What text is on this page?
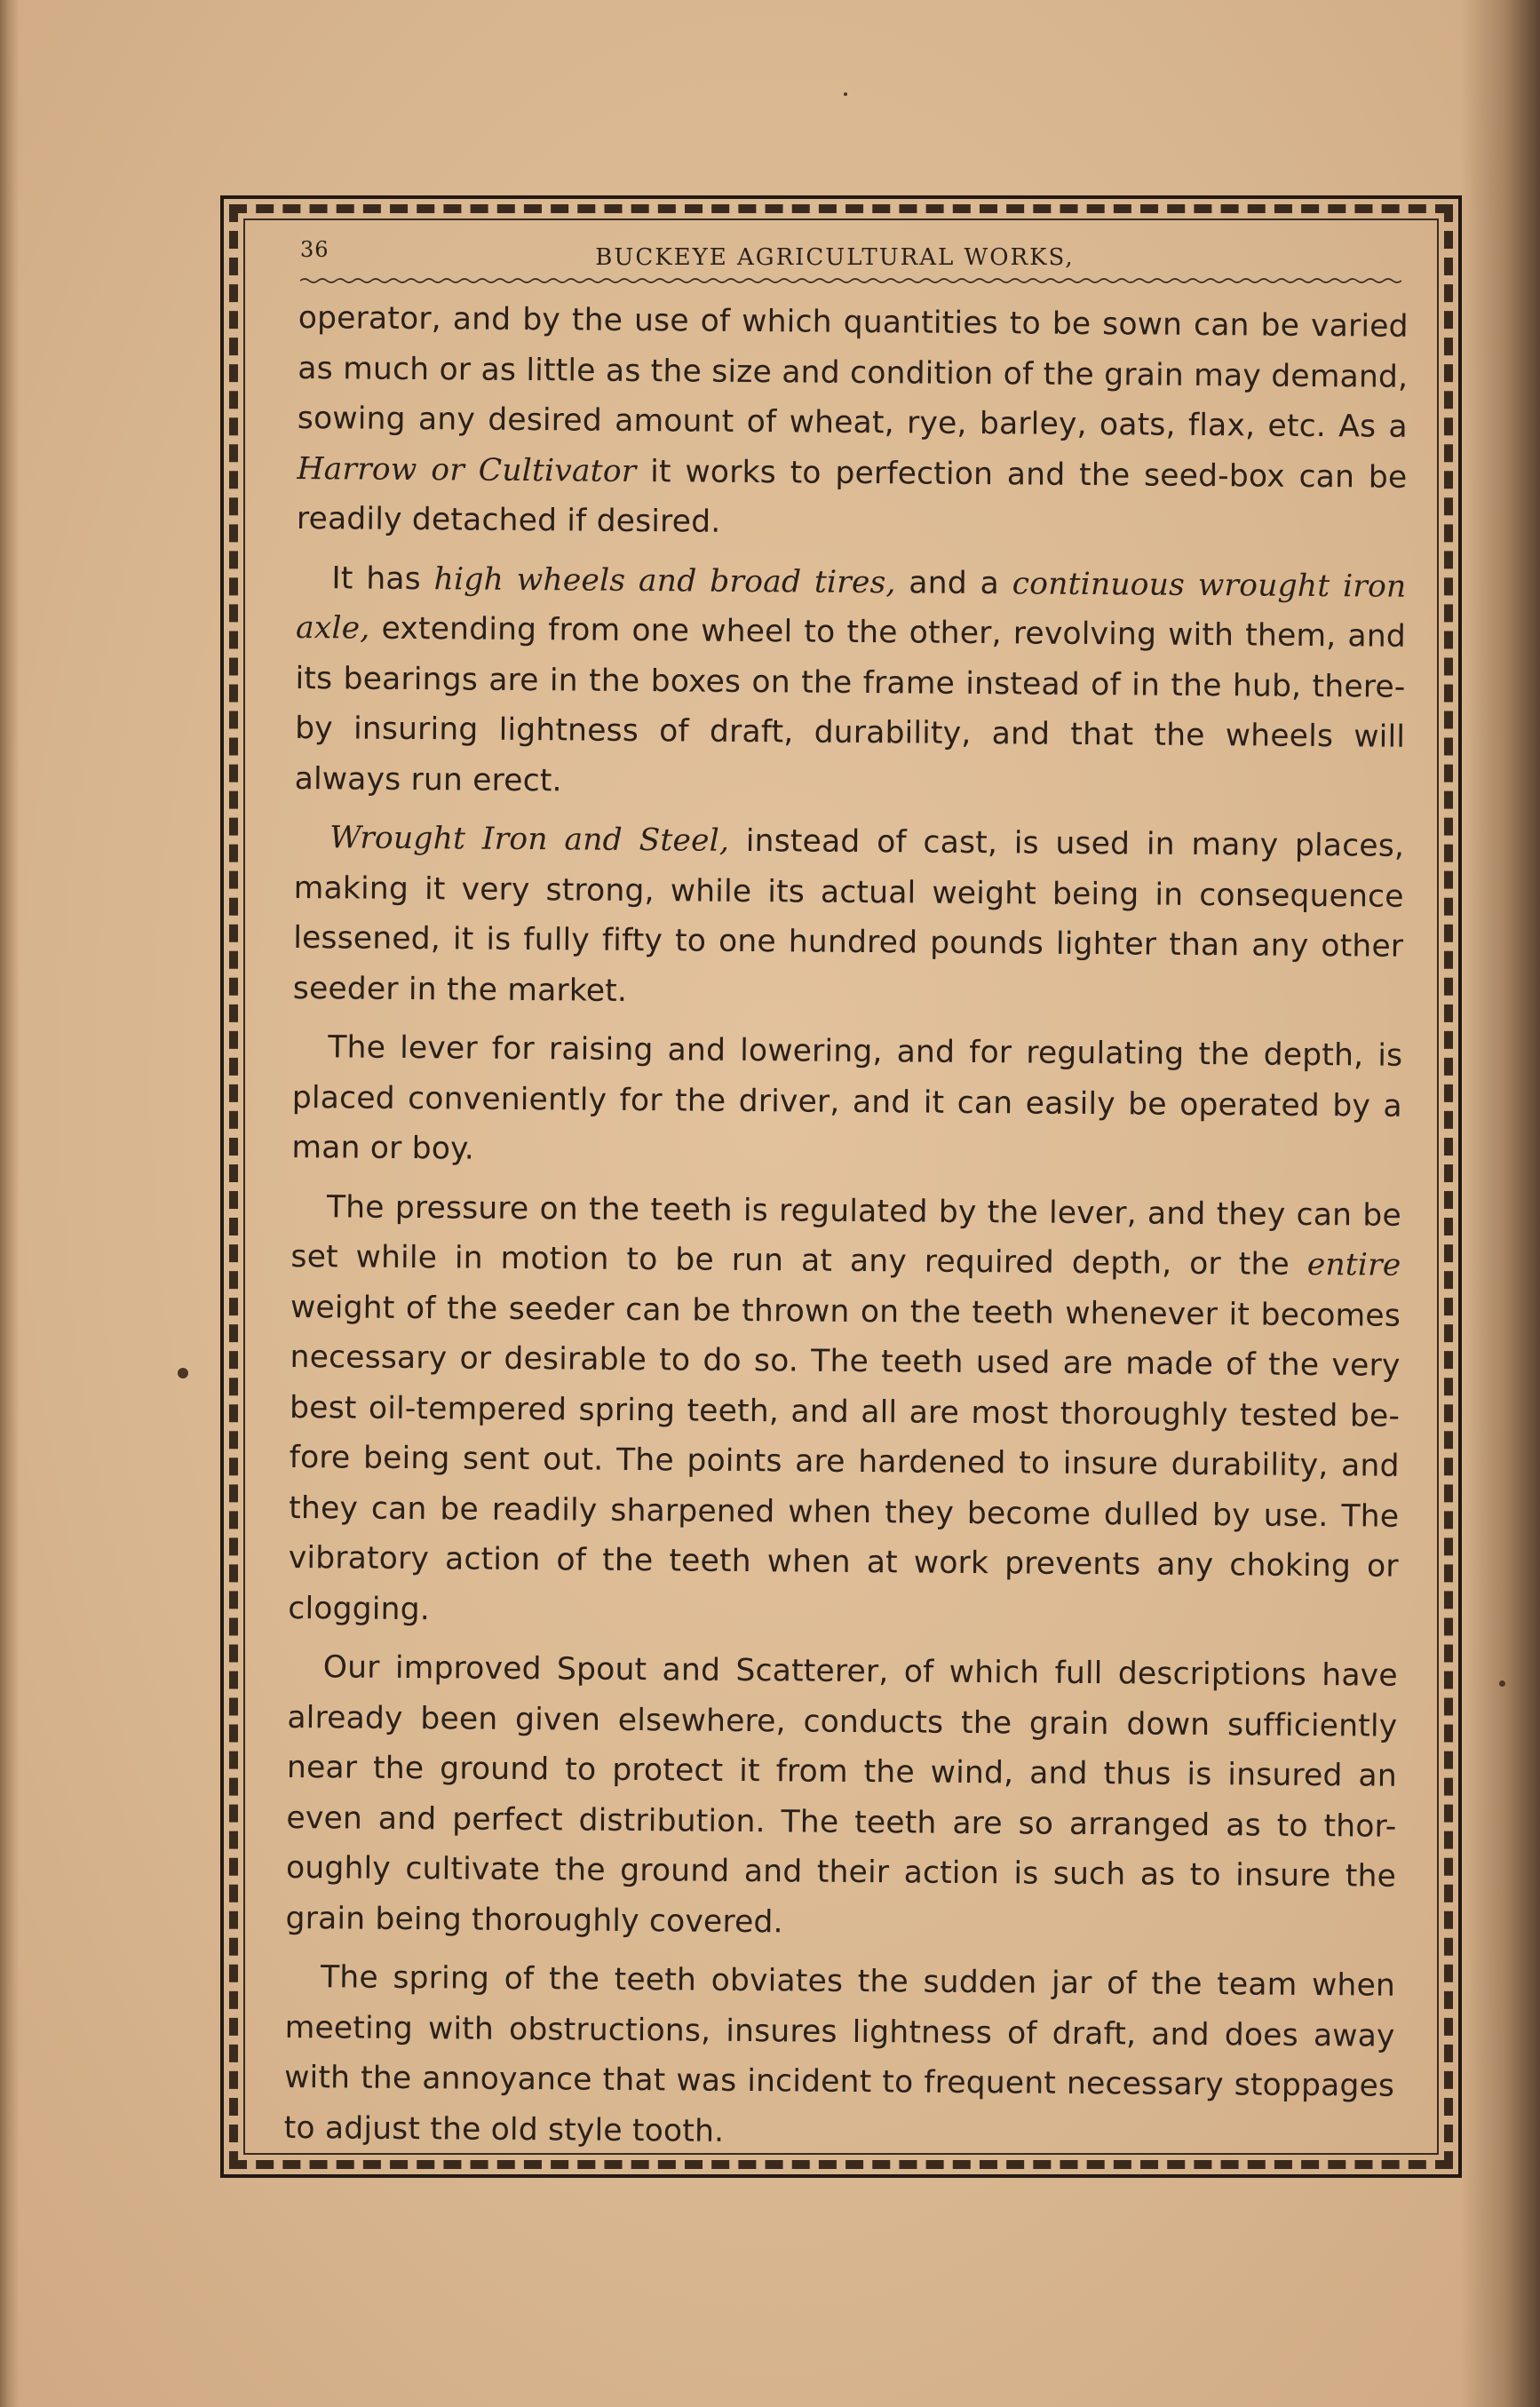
36	BUCKEYE AGRICULTURAL WORKS,

operator, and by the use of which quantities to be sown can be varied as much or as little as the size and condition of the grain may demand, sowing any desired amount of wheat, rye, barley, oats, flax, etc. As a Harrow or Cultivator it works to perfection and the seed-box can be readily detached if desired.

It has high wheels and broad tires, and a continuous wrought iron axle, extending from one wheel to the other, revolving with them, and its bearings are in the boxes on the frame instead of in the hub, there-by insuring lightness of draft, durability, and that the wheels will always run erect.

Wrought Iron and Steel, instead of cast, is used in many places, making it very strong, while its actual weight being in consequence lessened, it is fully fifty to one hundred pounds lighter than any other seeder in the market.

The lever for raising and lowering, and for regulating the depth, is placed conveniently for the driver, and it can easily be operated by a man or boy.

The pressure on the teeth is regulated by the lever, and they can be set while in motion to be run at any required depth, or the entire weight of the seeder can be thrown on the teeth whenever it becomes necessary or desirable to do so. The teeth used are made of the very best oil-tempered spring teeth, and all are most thoroughly tested be-fore being sent out. The points are hardened to insure durability, and they can be readily sharpened when they become dulled by use. The vibratory action of the teeth when at work prevents any choking or clogging.

Our improved Spout and Scatterer, of which full descriptions have already been given elsewhere, conducts the grain down sufficiently near the ground to protect it from the wind, and thus is insured an even and perfect distribution. The teeth are so arranged as to thor-oughly cultivate the ground and their action is such as to insure the grain being thoroughly covered.

The spring of the teeth obviates the sudden jar of the team when meeting with obstructions, insures lightness of draft, and does away with the annoyance that was incident to frequent necessary stoppages to adjust the old style tooth.
